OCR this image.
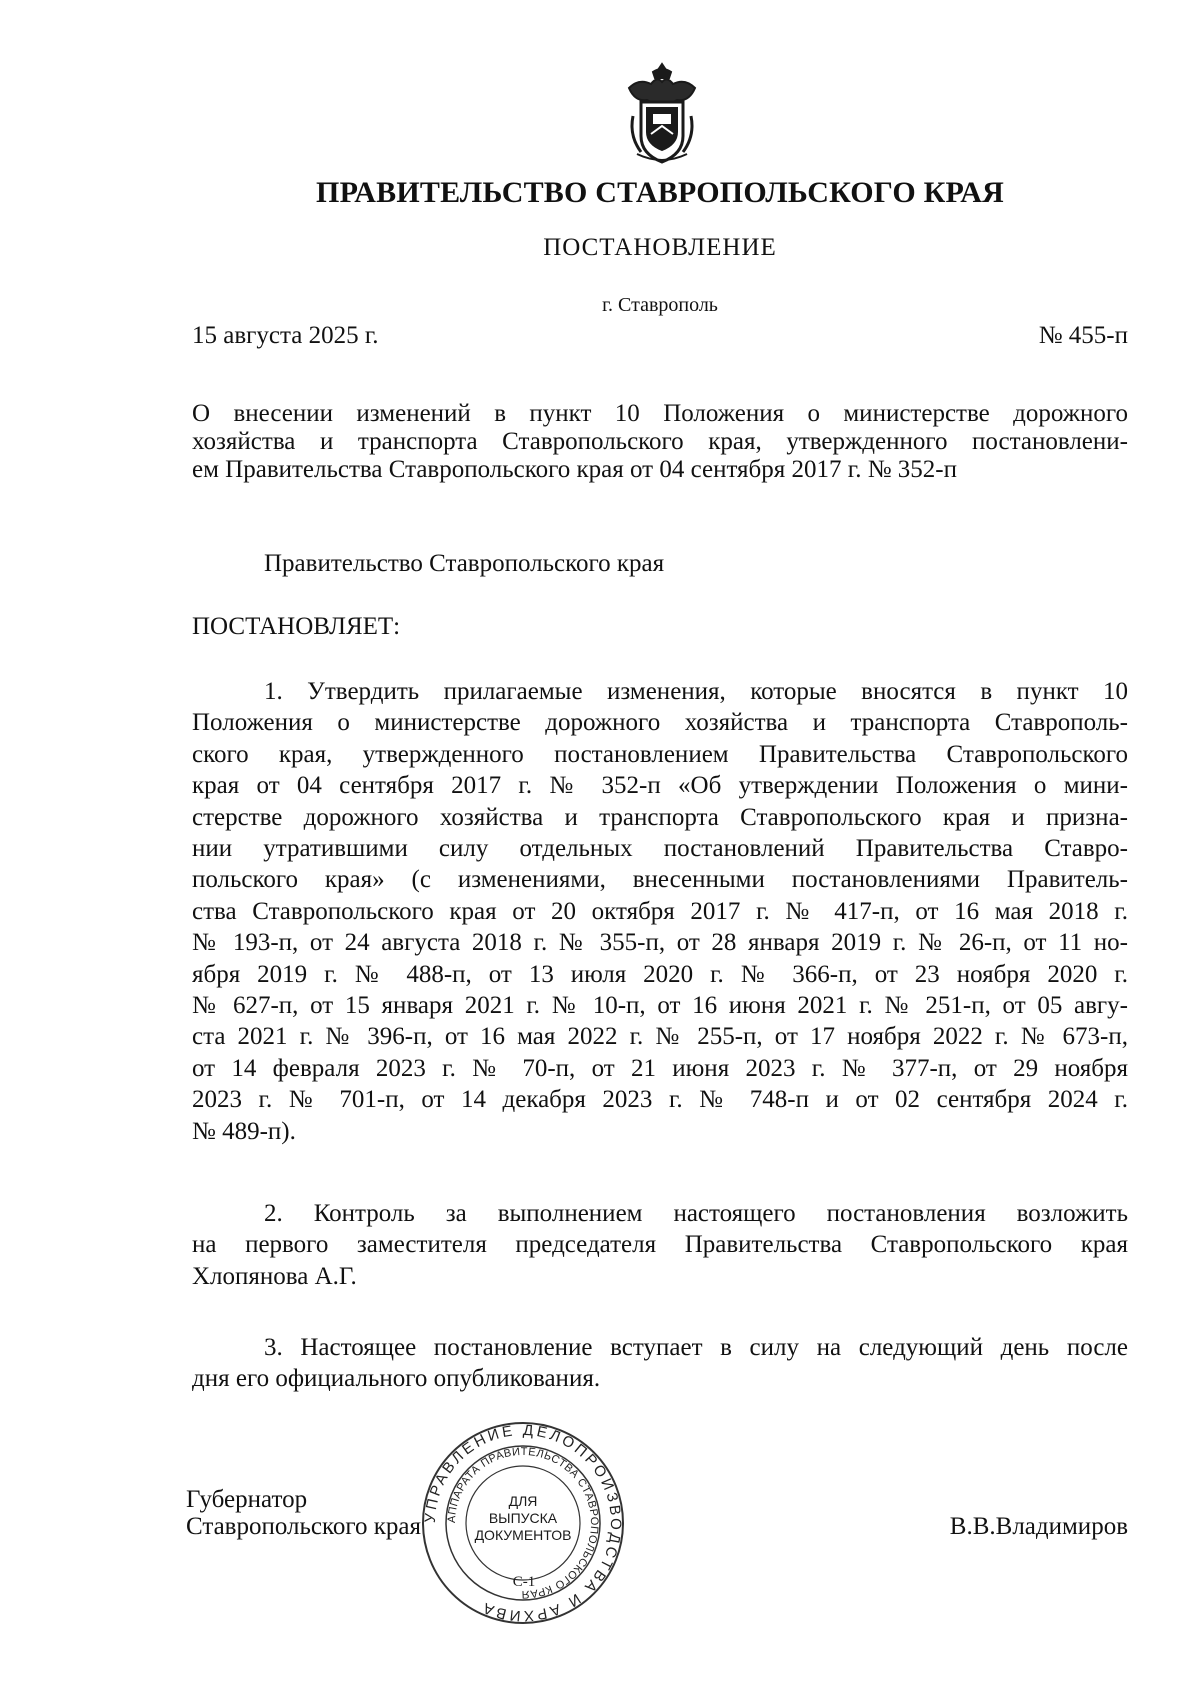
ПРАВИТЕЛЬСТВО СТАВРОПОЛЬСКОГО КРАЯ
ПОСТАНОВЛЕНИЕ
г. Ставрополь
15 августа 2025 г.	№ 455-п
О внесении изменений в пункт 10 Положения о министерстве дорожного
хозяйства и транспорта Ставропольского края, утвержденного постановлени-
ем Правительства Ставропольского края от 04 сентября 2017 г. № 352-п
Правительство Ставропольского края
ПОСТАНОВЛЯЕТ:
1. Утвердить прилагаемые изменения, которые вносятся в пункт 10
Положения о министерстве дорожного хозяйства и транспорта Ставрополь-
ского края, утвержденного постановлением Правительства Ставропольского
края от 04 сентября 2017 г. № 352-п «Об утверждении Положения о мини-
стерстве дорожного хозяйства и транспорта Ставропольского края и призна-
нии утратившими силу отдельных постановлений Правительства Ставро-
польского края» (с изменениями, внесенными постановлениями Правитель-
ства Ставропольского края от 20 октября 2017 г. № 417-п, от 16 мая 2018 г.
№ 193-п, от 24 августа 2018 г. № 355-п, от 28 января 2019 г. № 26-п, от 11 но-
ября 2019 г. № 488-п, от 13 июля 2020 г. № 366-п, от 23 ноября 2020 г.
№ 627-п, от 15 января 2021 г. № 10-п, от 16 июня 2021 г. № 251-п, от 05 авгу-
ста 2021 г. № 396-п, от 16 мая 2022 г. № 255-п, от 17 ноября 2022 г. № 673-п,
от 14 февраля 2023 г. № 70-п, от 21 июня 2023 г. № 377-п, от 29 ноября
2023 г. № 701-п, от 14 декабря 2023 г. № 748-п и от 02 сентября 2024 г.
№ 489-п).
2. Контроль за выполнением настоящего постановления возложить
на первого заместителя председателя Правительства Ставропольского края
Хлопянова А.Г.
3. Настоящее постановление вступает в силу на следующий день после
дня его официального опубликования.
УПРАВЛЕНИЕ ДЕЛОПРОИЗВОДСТВА И АРХИВА
АППАРАТА ПРАВИТЕЛЬСТВА СТАВРОПОЛЬСКОГО КРАЯ
ДЛЯ
ВЫПУСКА
ДОКУМЕНТОВ
С-1
Губернатор
Ставропольского края	В.В.Владимиров
